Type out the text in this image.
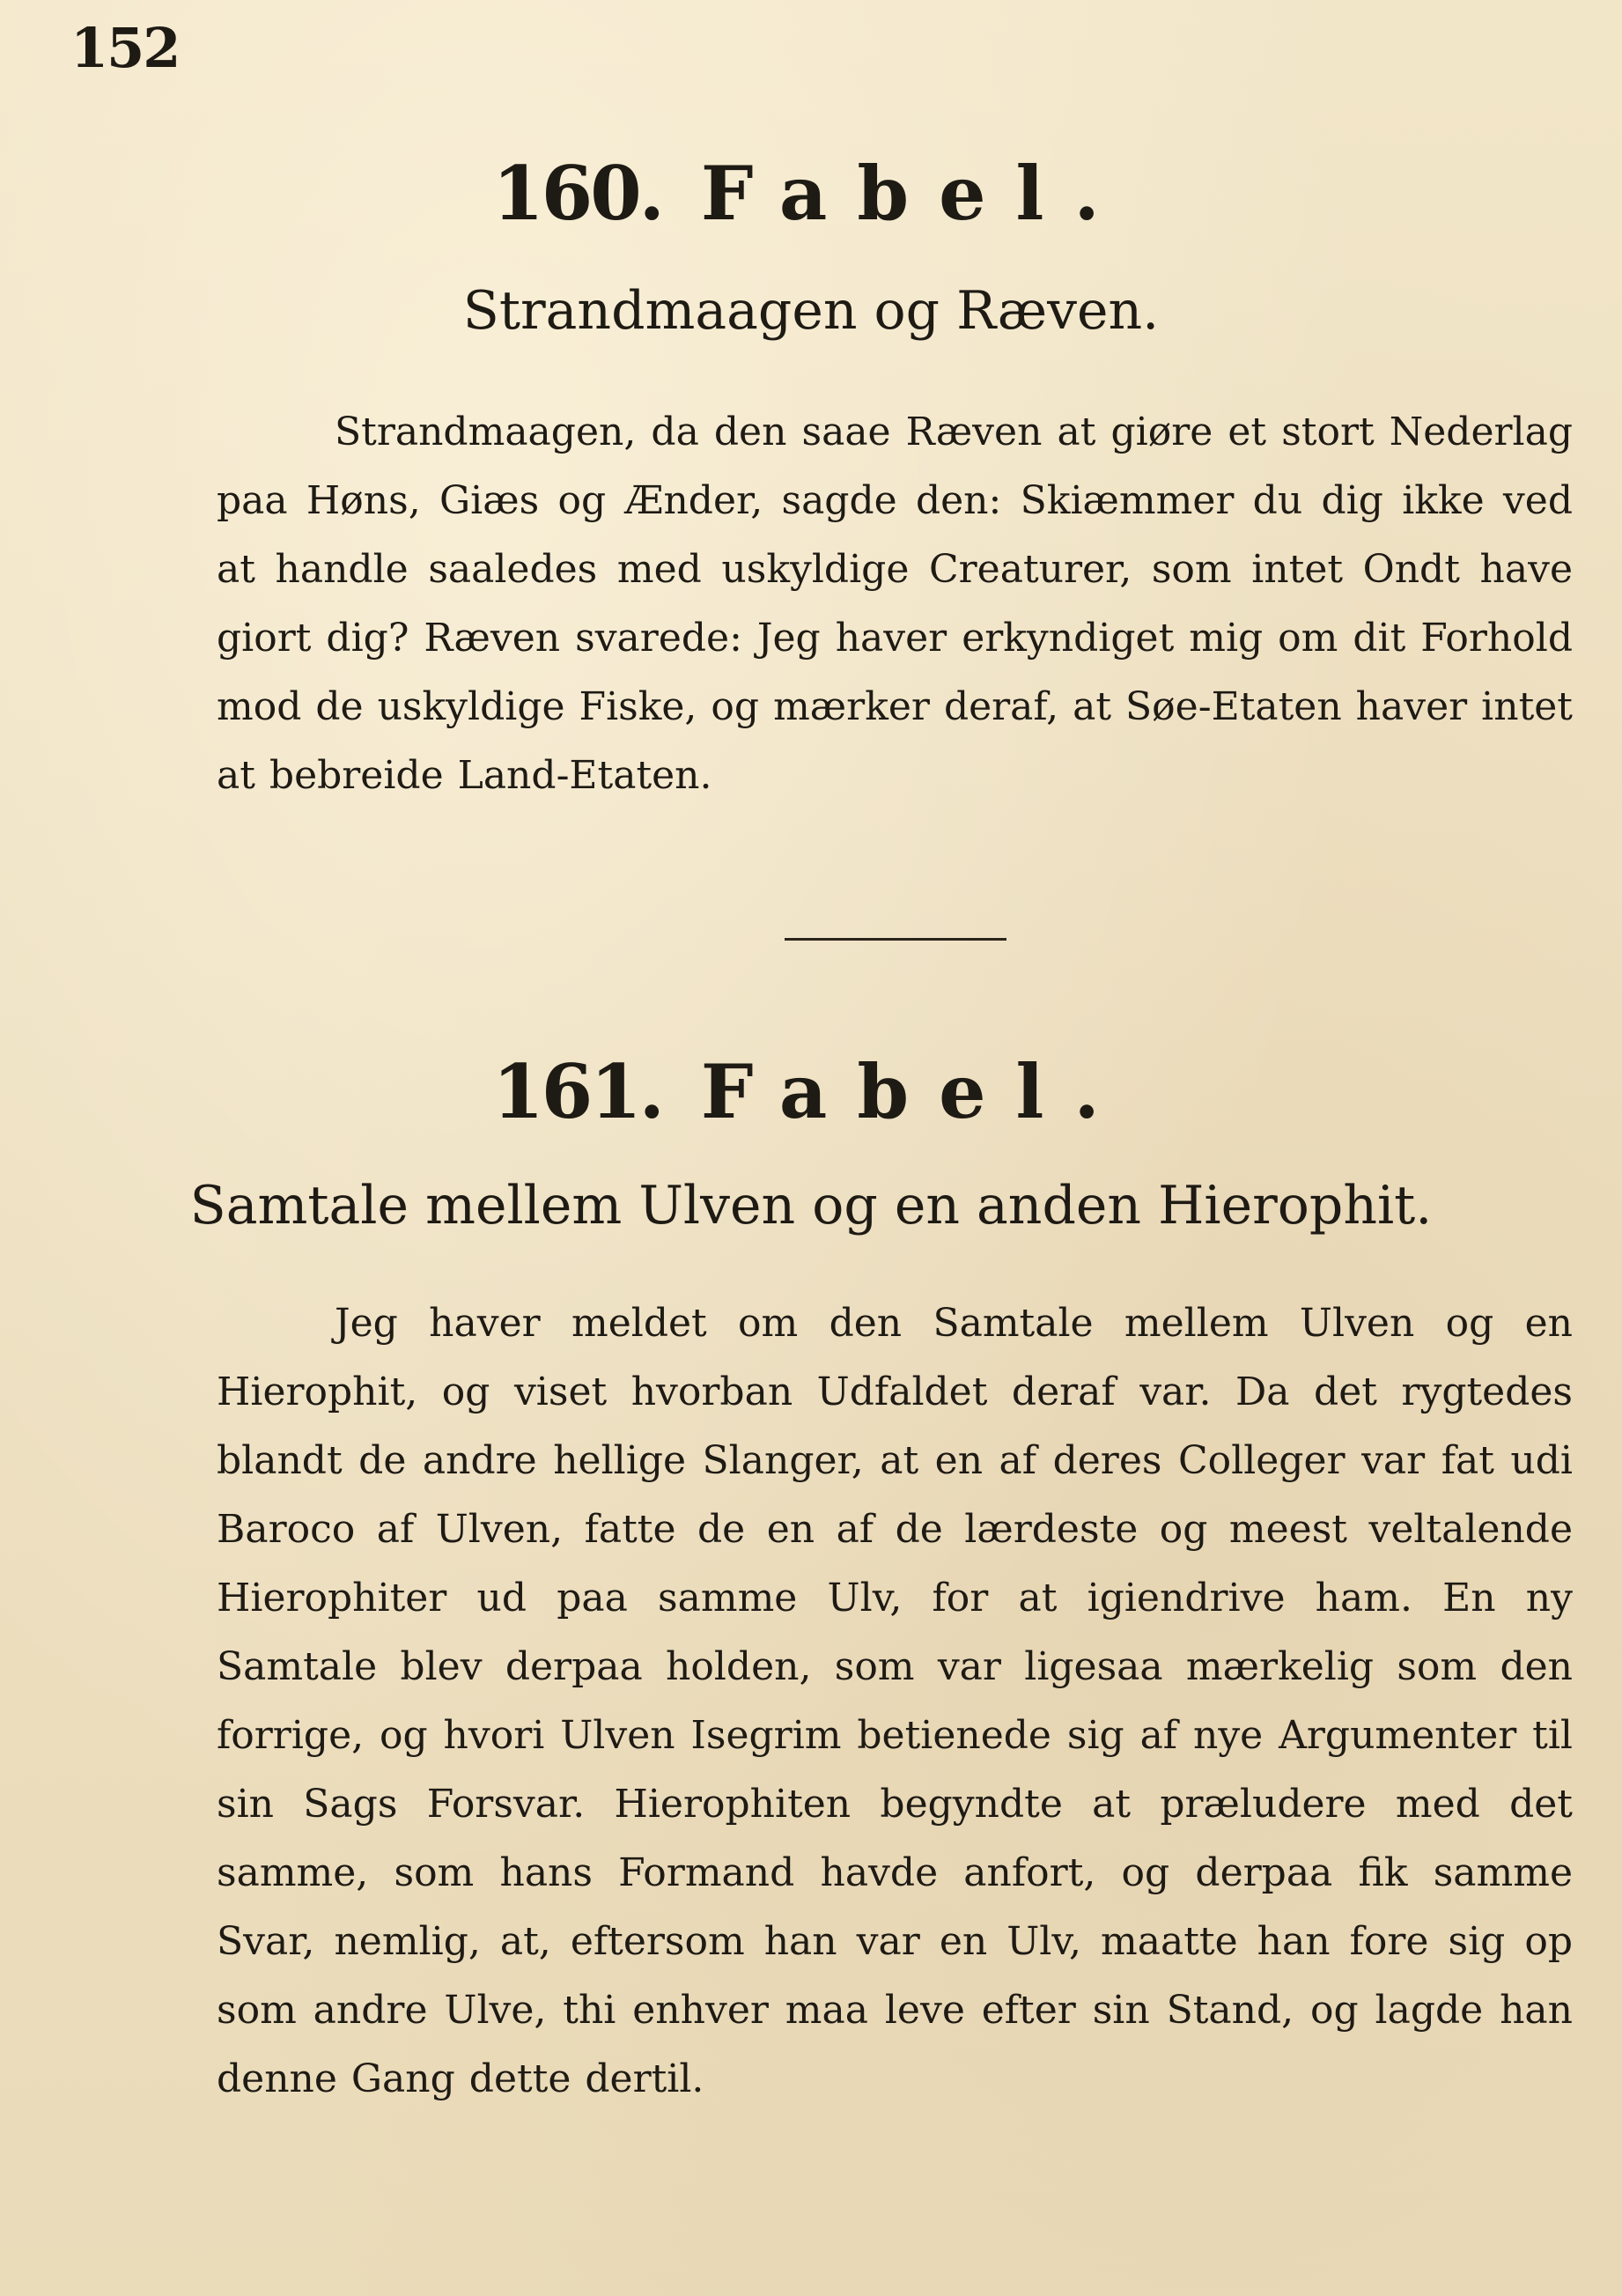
152
160. Fabel.
Strandmaagen og Ræven.

Strandmaagen, da den saae Ræven at giøre et stort Nederlag paa Høns, Giæs og Ænder, sagde den: Skiæmmer du dig ikke ved at handle saaledes med uskyldige Creaturer, som intet Ondt have giort dig? Ræven svarede: Jeg haver erkyndiget mig om dit Forhold mod de uskyldige Fiske, og mærker deraf, at Søe-Etaten haver intet at bebreide Land-Etaten.

161. Fabel.
Samtale mellem Ulven og en anden Hierophit.

Jeg haver meldet om den Samtale mellem Ulven og en Hierophit, og viset hvorban Udfaldet deraf var. Da det rygtedes blandt de andre hellige Slanger, at en af deres Colleger var fat udi Baroco af Ulven, fatte de en af de lærdeste og meest veltalende Hierophiter ud paa samme Ulv, for at igiendrive ham. En ny Samtale blev derpaa holden, som var ligesaa mærkelig som den forrige, og hvori Ulven Isegrim betienede sig af nye Argumenter til sin Sags Forsvar. Hierophiten begyndte at præludere med det samme, som hans Formand havde anfort, og derpaa fik samme Svar, nemlig, at, eftersom han var en Ulv, maatte han fore sig op som andre Ulve, thi enhver maa leve efter sin Stand, og lagde han denne Gang dette dertil.
